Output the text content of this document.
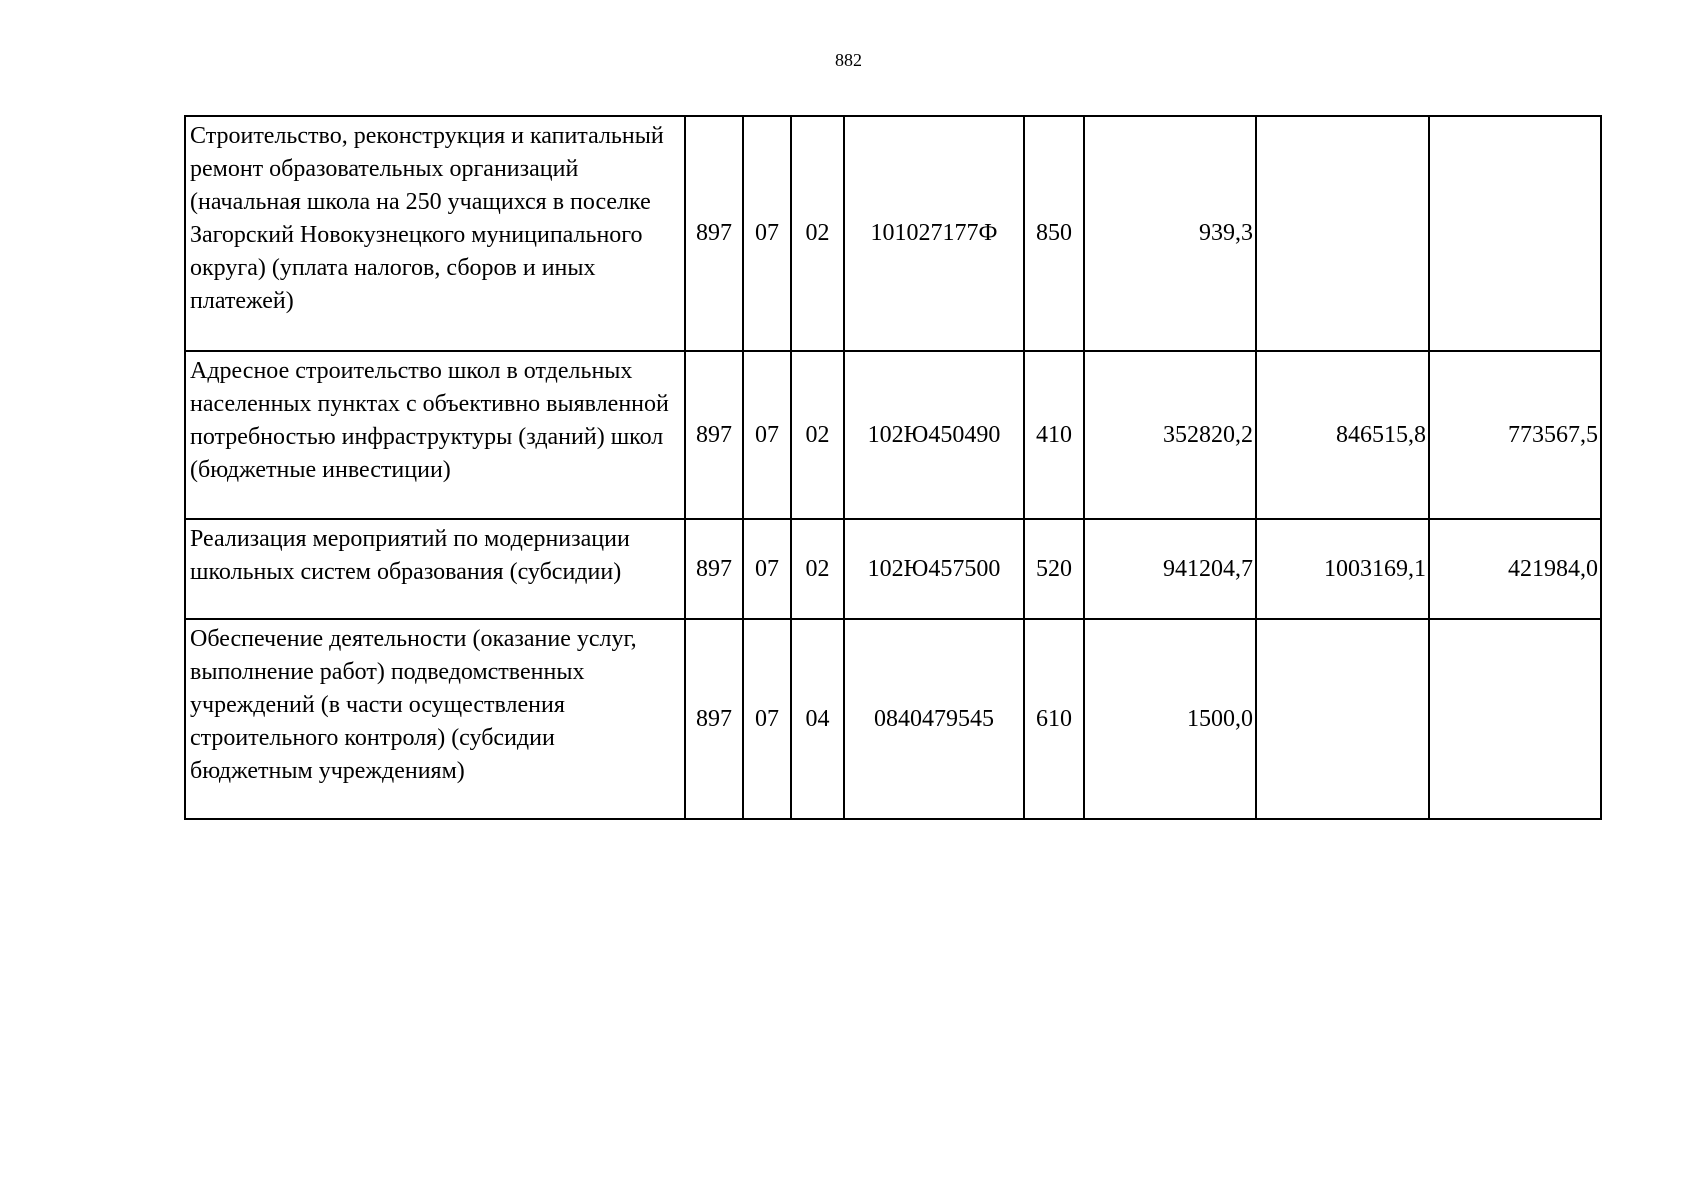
882
Строительство, реконструкция и капитальный ремонт образовательных организаций (начальная школа на 250 учащихся в поселке Загорский Новокузнецкого муниципального округа) (уплата налогов, сборов и иных платежей)	897	07	02	101027177Ф	850	939,3		
Адресное строительство школ в отдельных населенных пунктах с объективно выявленной потребностью инфраструктуры (зданий) школ (бюджетные инвестиции)	897	07	02	102Ю450490	410	352820,2	846515,8	773567,5
Реализация мероприятий по модернизации школьных систем образования (субсидии)	897	07	02	102Ю457500	520	941204,7	1003169,1	421984,0
Обеспечение деятельности (оказание услуг, выполнение работ) подведомственных учреждений (в части осуществления строительного контроля) (субсидии бюджетным учреждениям)	897	07	04	0840479545	610	1500,0		
